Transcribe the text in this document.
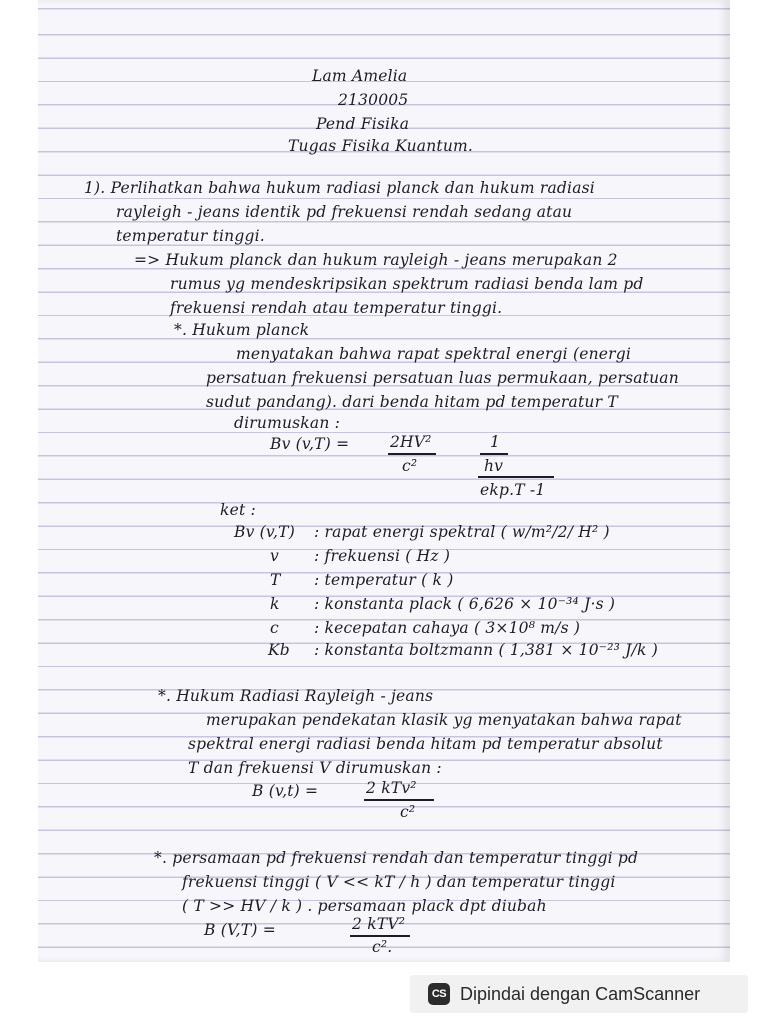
Lam Amelia

2130005

Pend Fisika

Tugas Fisika Kuantum.

1). Perlihatkan bahwa hukum radiasi planck dan hukum radiasi

rayleigh - jeans identik pd frekuensi rendah sedang atau

temperatur tinggi.

=> Hukum planck dan hukum rayleigh - jeans merupakan 2

rumus yg mendeskripsikan spektrum radiasi benda lam pd

frekuensi rendah atau temperatur tinggi.

*. Hukum planck

menyatakan bahwa rapat spektral energi (energi

persatuan frekuensi persatuan luas permukaan, persatuan

sudut pandang). dari benda hitam pd temperatur T

dirumuskan :

Bv (v,T) =	2HV²

c²

1

hv

ekp.T -1

ket :

Bv (v,T) : rapat energi spektral ( w/m²/2/ H² )

v : frekuensi ( Hz )

T : temperatur ( k )

k : konstanta plack ( 6,626 × 10⁻³⁴ J·s )

c : kecepatan cahaya ( 3×10⁸ m/s )

Kb : konstanta boltzmann ( 1,381 × 10⁻²³ J/k )

*. Hukum Radiasi Rayleigh - jeans

merupakan pendekatan klasik yg menyatakan bahwa rapat

spektral energi radiasi benda hitam pd temperatur absolut

T dan frekuensi V dirumuskan :

B (v,t) =	2 kTv²

c²

*. persamaan pd frekuensi rendah dan temperatur tinggi pd

frekuensi tinggi ( V << kT / h ) dan temperatur tinggi

( T >> HV / k ) . persamaan plack dpt diubah

B (V,T) =	2 kTV²

c².

CS Dipindai dengan CamScanner
